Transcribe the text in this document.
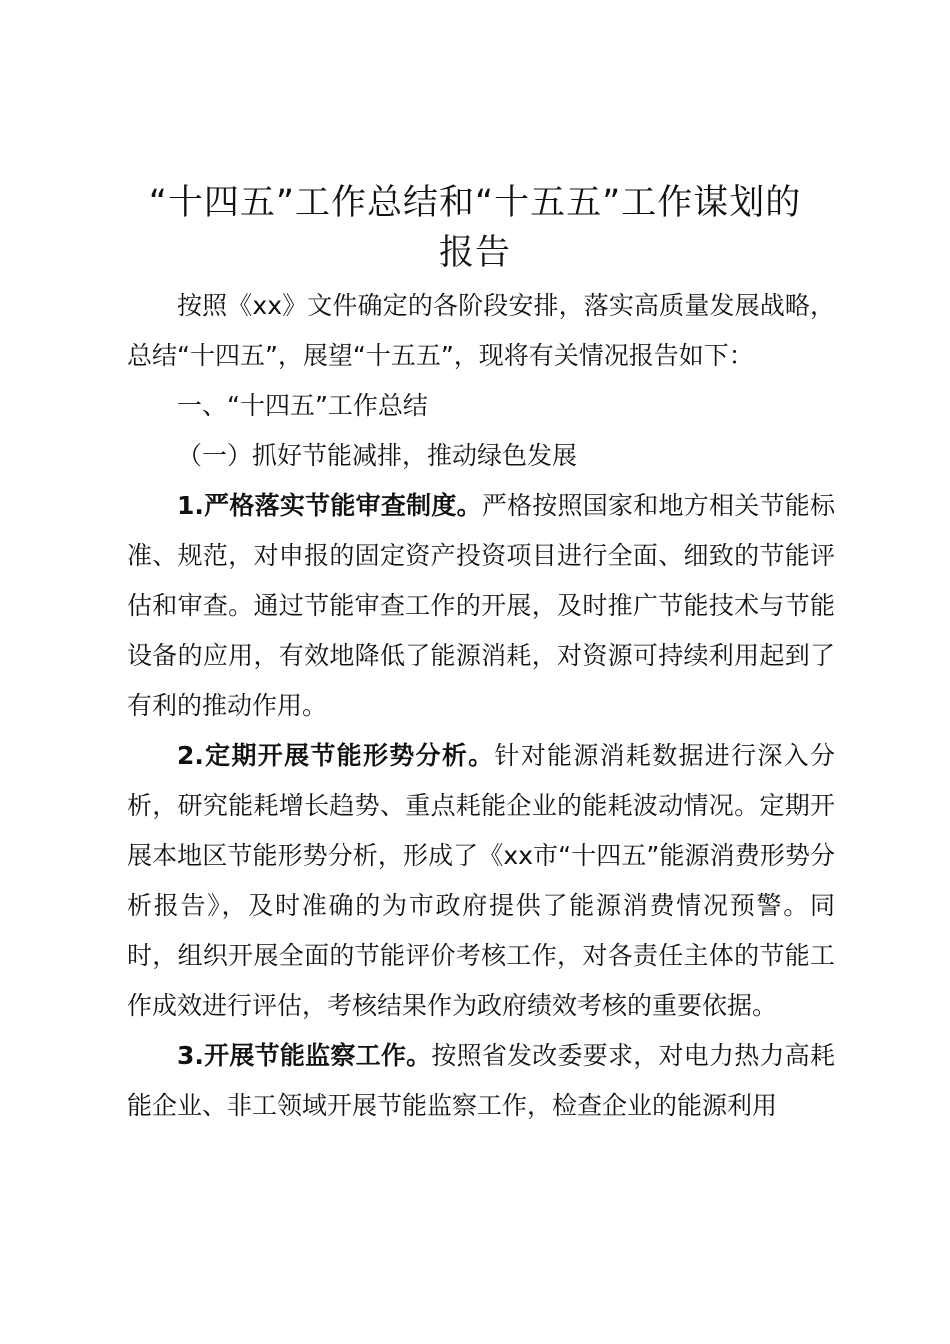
“十四五”工作总结和“十五五”工作谋划的
报告

按照《xx》文件确定的各阶段安排，落实高质量发展战略，总结“十四五”，展望“十五五”，现将有关情况报告如下：

一、“十四五”工作总结

（一）抓好节能减排，推动绿色发展

1.严格落实节能审查制度。严格按照国家和地方相关节能标准、规范，对申报的固定资产投资项目进行全面、细致的节能评估和审查。通过节能审查工作的开展，及时推广节能技术与节能设备的应用，有效地降低了能源消耗，对资源可持续利用起到了有利的推动作用。

2.定期开展节能形势分析。针对能源消耗数据进行深入分析，研究能耗增长趋势、重点耗能企业的能耗波动情况。定期开展本地区节能形势分析，形成了《xx市“十四五”能源消费形势分析报告》，及时准确的为市政府提供了能源消费情况预警。同时，组织开展全面的节能评价考核工作，对各责任主体的节能工作成效进行评估，考核结果作为政府绩效考核的重要依据。

3.开展节能监察工作。按照省发改委要求，对电力热力高耗能企业、非工领域开展节能监察工作，检查企业的能源利用
